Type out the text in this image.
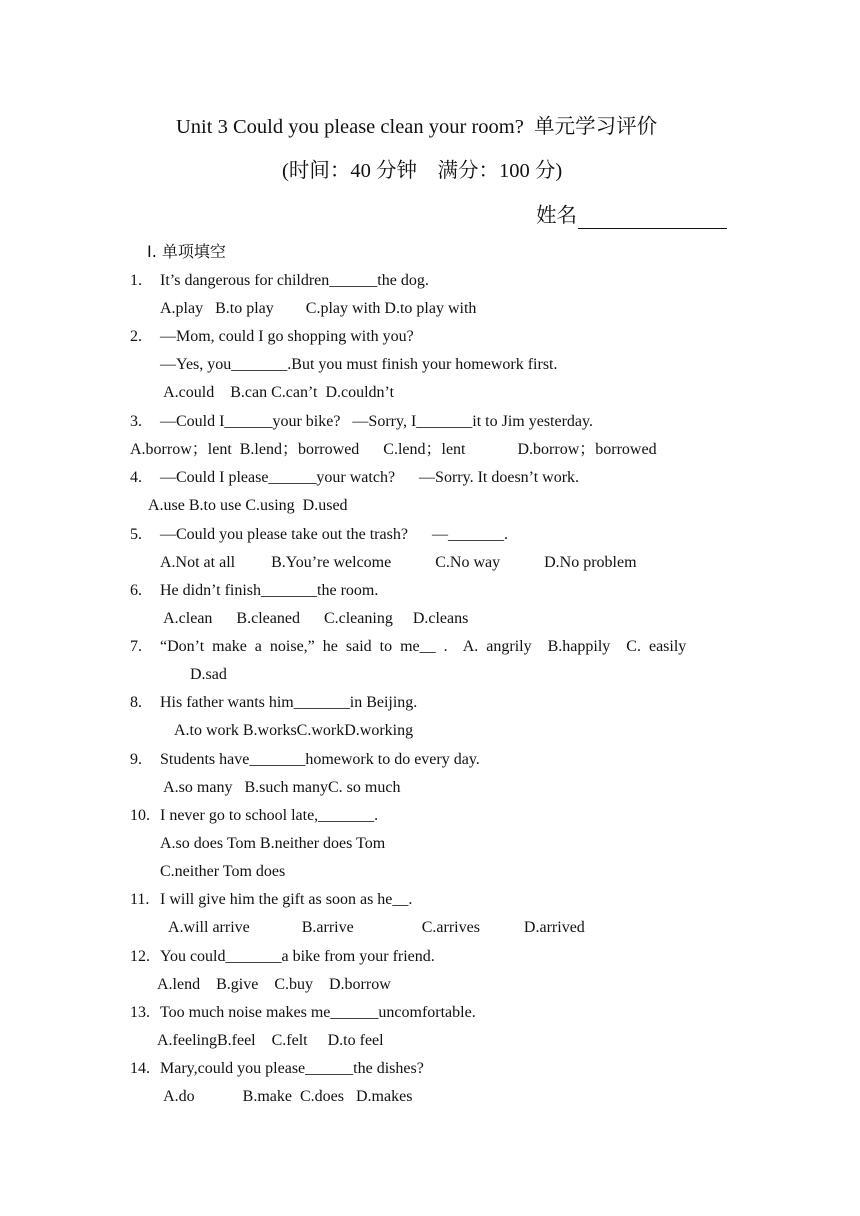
Unit 3 Could you please clean your room?  单元学习评价
(时间：40 分钟    满分：100 分)
姓名
Ⅰ. 单项填空
1. It’s dangerous for children______the dog.
A.play   B.to play        C.play with D.to play with
2. —Mom, could I go shopping with you?
—Yes, you_______.But you must finish your homework first.
A.could    B.can C.can’t  D.couldn’t
3. —Could I______your bike?   —Sorry, I_______it to Jim yesterday.
A.borrow；lent  B.lend；borrowed      C.lend；lent             D.borrow；borrowed
4. —Could I please______your watch?      —Sorry. It doesn’t work.
A.use B.to use C.using  D.used
5. —Could you please take out the trash?      —_______.
A.Not at all         B.You’re welcome           C.No way           D.No problem
6. He didn’t finish_______the room.
A.clean      B.cleaned      C.cleaning     D.cleans
7. “Don’t  make  a  noise,”  he  said  to  me__  .    A.  angrily    B.happily    C.  easily
D.sad
8. His father wants him_______in Beijing.
A.to work B.worksC.workD.working
9. Students have_______homework to do every day.
A.so many   B.such manyC. so much
10. I never go to school late,_______.
A.so does Tom B.neither does Tom
C.neither Tom does
11. I will give him the gift as soon as he__.
A.will arrive             B.arrive                 C.arrives           D.arrived
12. You could_______a bike from your friend.
A.lend    B.give    C.buy    D.borrow
13. Too much noise makes me______uncomfortable.
A.feelingB.feel    C.felt     D.to feel
14. Mary,could you please______the dishes?
A.do            B.make  C.does   D.makes
